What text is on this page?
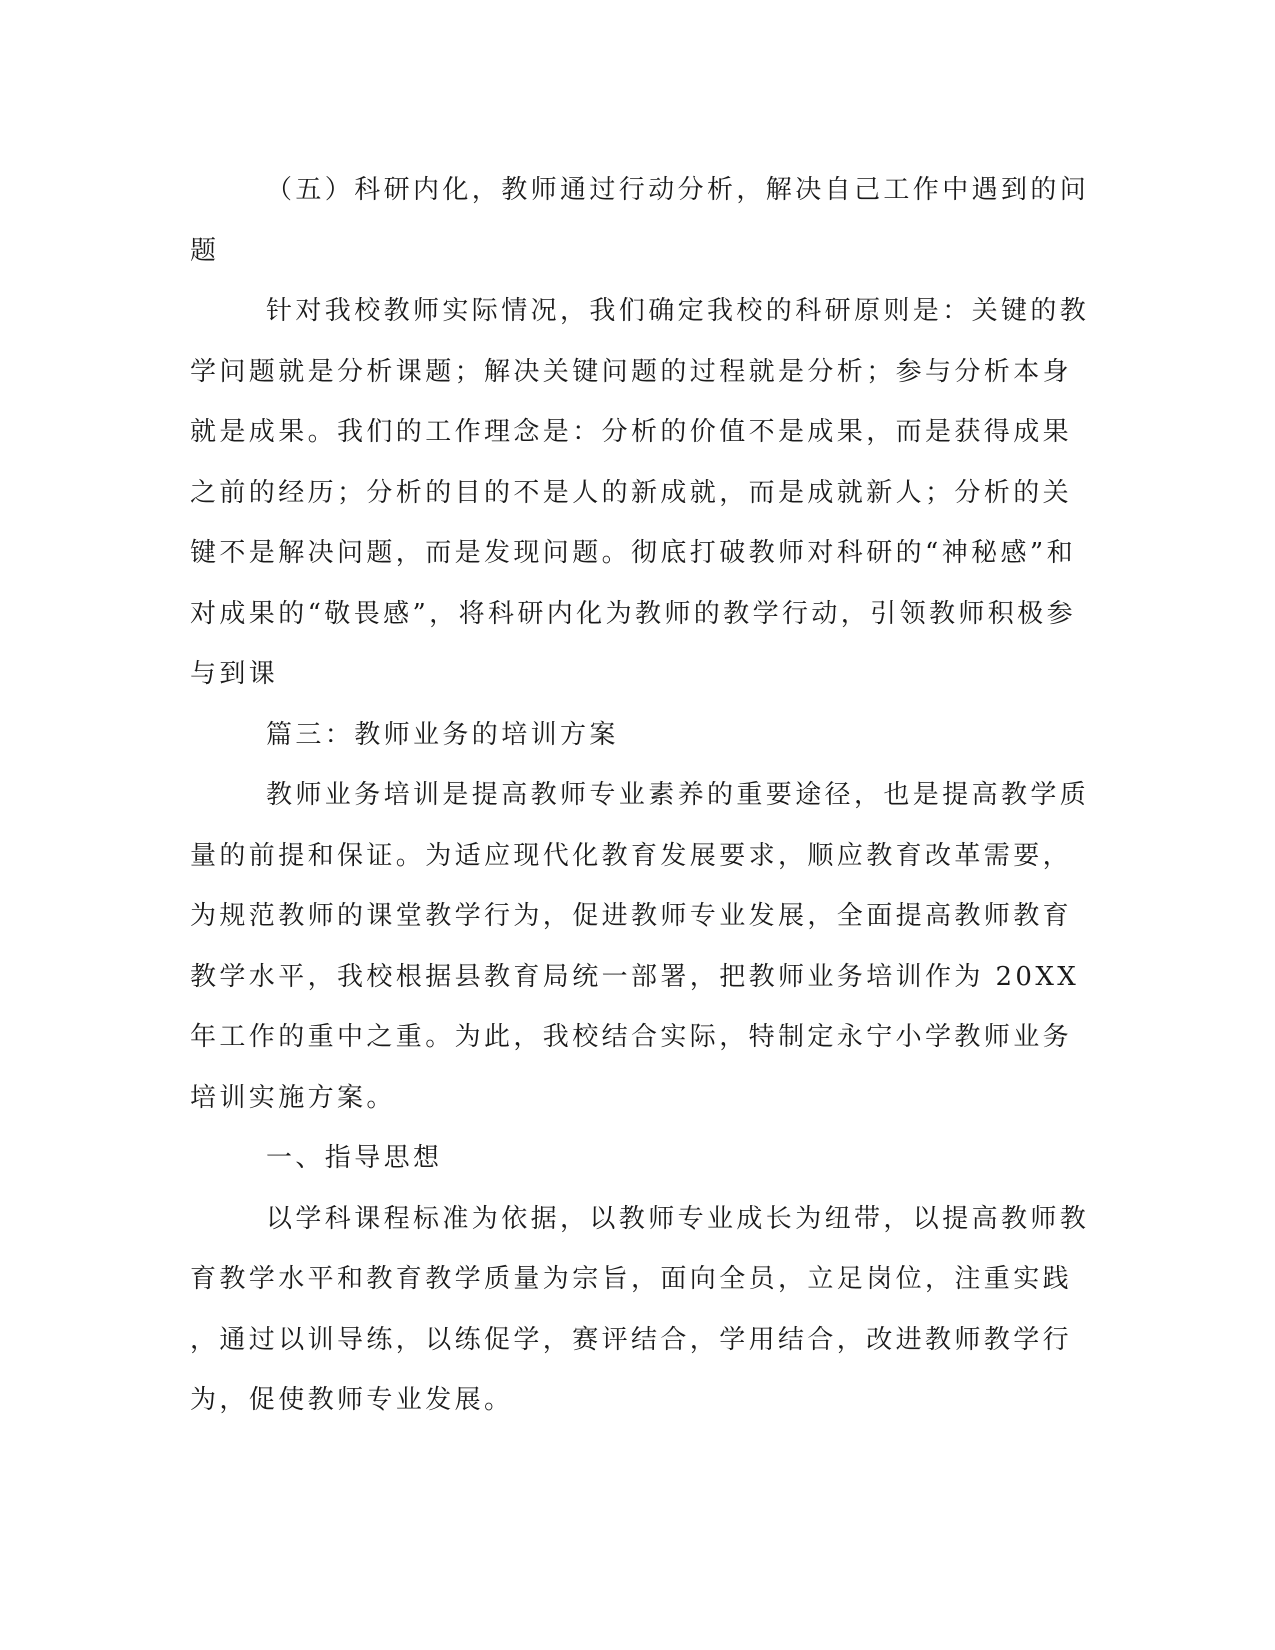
（五）科研内化，教师通过行动分析，解决自己工作中遇到的问
题
针对我校教师实际情况，我们确定我校的科研原则是：关键的教
学问题就是分析课题；解决关键问题的过程就是分析；参与分析本身
就是成果。我们的工作理念是：分析的价值不是成果，而是获得成果
之前的经历；分析的目的不是人的新成就，而是成就新人；分析的关
键不是解决问题，而是发现问题。彻底打破教师对科研的“神秘感”和
对成果的“敬畏感”，将科研内化为教师的教学行动，引领教师积极参
与到课
篇三：教师业务的培训方案
教师业务培训是提高教师专业素养的重要途径，也是提高教学质
量的前提和保证。为适应现代化教育发展要求，顺应教育改革需要，
为规范教师的课堂教学行为，促进教师专业发展，全面提高教师教育
教学水平，我校根据县教育局统一部署，把教师业务培训作为 20XX
年工作的重中之重。为此，我校结合实际，特制定永宁小学教师业务
培训实施方案。
一、指导思想
以学科课程标准为依据，以教师专业成长为纽带，以提高教师教
育教学水平和教育教学质量为宗旨，面向全员，立足岗位，注重实践
，通过以训导练，以练促学，赛评结合，学用结合，改进教师教学行
为，促使教师专业发展。
